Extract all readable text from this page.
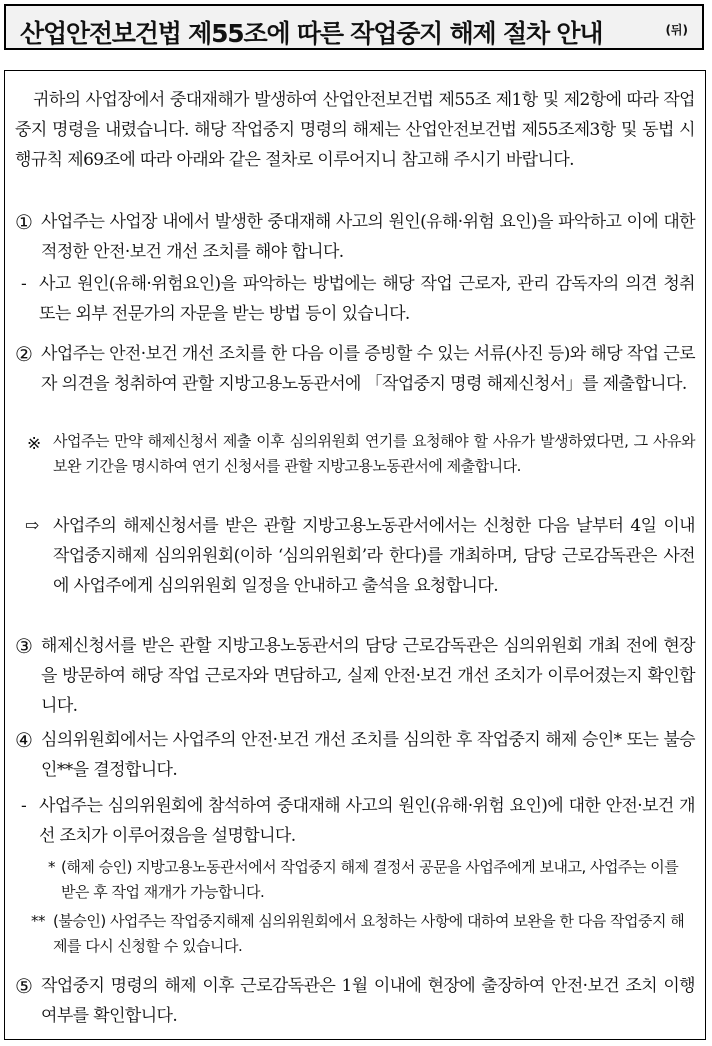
산업안전보건법 제55조에 따른 작업중지 해제 절차 안내	(뒤)
귀하의 사업장에서 중대재해가 발생하여 산업안전보건법 제55조 제1항 및 제2항에 따라 작업중지 명령을 내렸습니다. 해당 작업중지 명령의 해제는 산업안전보건법 제55조제3항 및 동법 시행규칙 제69조에 따라 아래와 같은 절차로 이루어지니 참고해 주시기 바랍니다.
① 사업주는 사업장 내에서 발생한 중대재해 사고의 원인(유해·위험 요인)을 파악하고 이에 대한 적정한 안전·보건 개선 조치를 해야 합니다.
- 사고 원인(유해·위험요인)을 파악하는 방법에는 해당 작업 근로자, 관리 감독자의 의견 청취 또는 외부 전문가의 자문을 받는 방법 등이 있습니다.
② 사업주는 안전·보건 개선 조치를 한 다음 이를 증빙할 수 있는 서류(사진 등)와 해당 작업 근로자 의견을 청취하여 관할 지방고용노동관서에 「작업중지 명령 해제신청서」를 제출합니다.
※ 사업주는 만약 해제신청서 제출 이후 심의위원회 연기를 요청해야 할 사유가 발생하였다면, 그 사유와 보완 기간을 명시하여 연기 신청서를 관할 지방고용노동관서에 제출합니다.
⇨ 사업주의 해제신청서를 받은 관할 지방고용노동관서에서는 신청한 다음 날부터 4일 이내 작업중지해제 심의위원회(이하 ‘심의위원회’라 한다)를 개최하며, 담당 근로감독관은 사전에 사업주에게 심의위원회 일정을 안내하고 출석을 요청합니다.
③ 해제신청서를 받은 관할 지방고용노동관서의 담당 근로감독관은 심의위원회 개최 전에 현장을 방문하여 해당 작업 근로자와 면담하고, 실제 안전·보건 개선 조치가 이루어졌는지 확인합니다.
④ 심의위원회에서는 사업주의 안전·보건 개선 조치를 심의한 후 작업중지 해제 승인* 또는 불승인**을 결정합니다.
- 사업주는 심의위원회에 참석하여 중대재해 사고의 원인(유해·위험 요인)에 대한 안전·보건 개선 조치가 이루어졌음을 설명합니다.
* (해제 승인) 지방고용노동관서에서 작업중지 해제 결정서 공문을 사업주에게 보내고, 사업주는 이를 받은 후 작업 재개가 가능합니다.
** (불승인) 사업주는 작업중지해제 심의위원회에서 요청하는 사항에 대하여 보완을 한 다음 작업중지 해제를 다시 신청할 수 있습니다.
⑤ 작업중지 명령의 해제 이후 근로감독관은 1월 이내에 현장에 출장하여 안전·보건 조치 이행 여부를 확인합니다.
